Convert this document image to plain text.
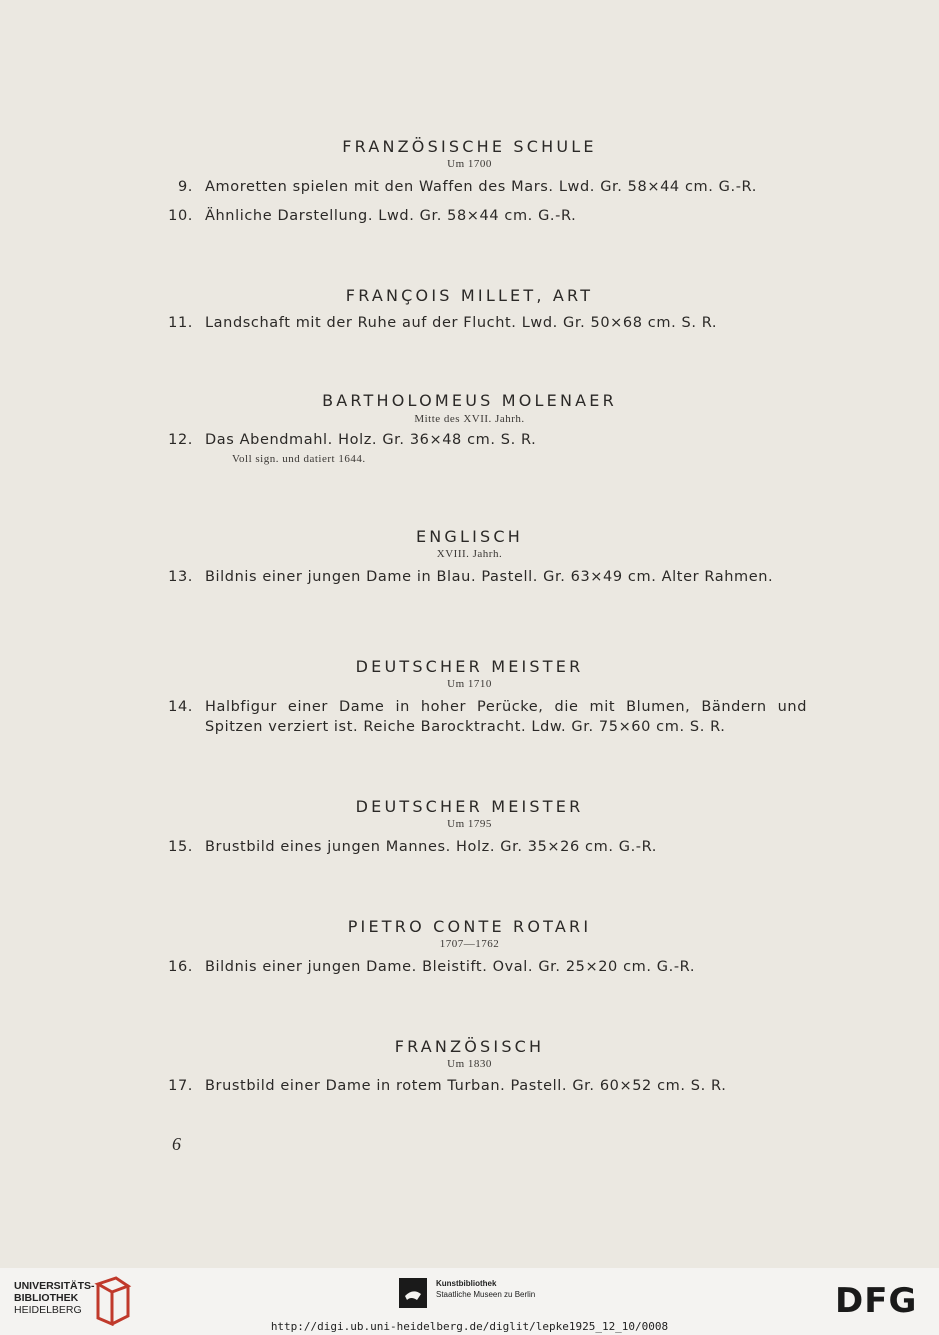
FRANZÖSISCHE SCHULE
Um 1700
9. Amoretten spielen mit den Waffen des Mars. Lwd. Gr. 58×44 cm. G.-R.
10. Ähnliche Darstellung. Lwd. Gr. 58×44 cm. G.-R.
FRANÇOIS MILLET, ART
11. Landschaft mit der Ruhe auf der Flucht. Lwd. Gr. 50×68 cm. S. R.
BARTHOLOMEUS MOLENAER
Mitte des XVII. Jahrh.
12. Das Abendmahl. Holz. Gr. 36×48 cm. S. R.
Voll sign. und datiert 1644.
ENGLISCH
XVIII. Jahrh.
13. Bildnis einer jungen Dame in Blau. Pastell. Gr. 63×49 cm. Alter Rahmen.
DEUTSCHER MEISTER
Um 1710
14. Halbfigur einer Dame in hoher Perücke, die mit Blumen, Bändern und Spitzen verziert ist. Reiche Barocktracht. Ldw. Gr. 75×60 cm. S. R.
DEUTSCHER MEISTER
Um 1795
15. Brustbild eines jungen Mannes. Holz. Gr. 35×26 cm. G.-R.
PIETRO CONTE ROTARI
1707—1762
16. Bildnis einer jungen Dame. Bleistift. Oval. Gr. 25×20 cm. G.-R.
FRANZÖSISCH
Um 1830
17. Brustbild einer Dame in rotem Turban. Pastell. Gr. 60×52 cm. S. R.
6
UNIVERSITÄTS-
BIBLIOTHEK
HEIDELBERG
Kunstbibliothek
Staatliche Museen zu Berlin	DFG
http://digi.ub.uni-heidelberg.de/diglit/lepke1925_12_10/0008
